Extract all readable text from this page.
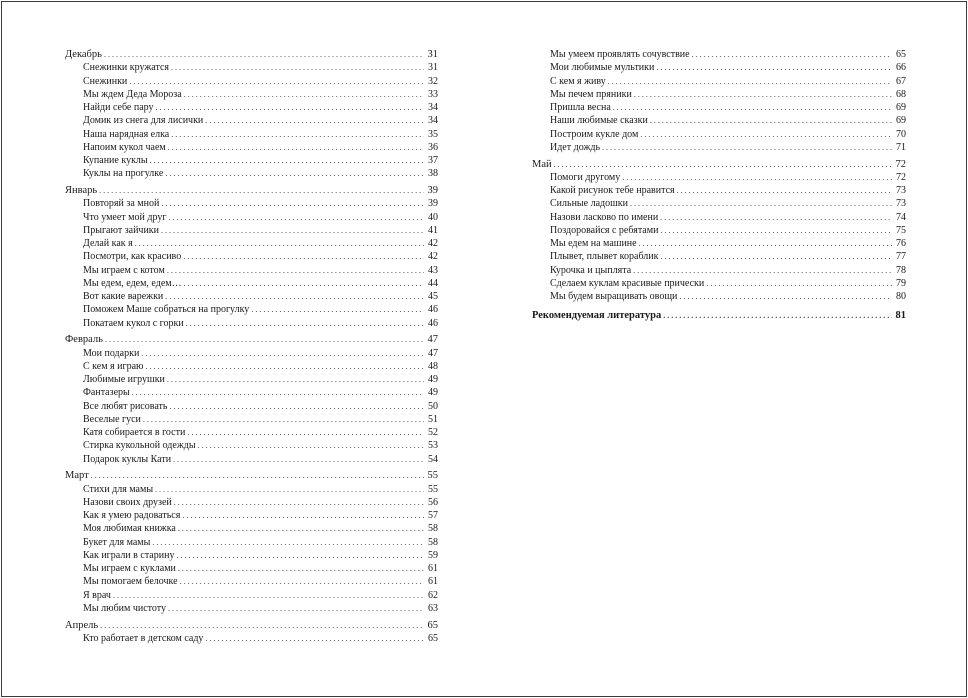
Декабрь . . .	31
Снежинки кружатся . . .	31
Снежинки . . .	32
Мы ждем Деда Мороза . . .	33
Найди себе пару . . .	34
Домик из снега для лисички . . .	34
Наша нарядная елка . . .	35
Напоим кукол чаем . . .	36
Купание куклы . . .	37
Куклы на прогулке . . .	38
Январь . . .	39
Повторяй за мной . . .	39
Что умеет мой друг . . .	40
Прыгают зайчики . . .	41
Делай как я . . .	42
Посмотри, как красиво . . .	42
Мы играем с котом . . .	43
Мы едем, едем, едем… . . .	44
Вот какие варежки . . .	45
Поможем Маше собраться на прогулку . . .	46
Покатаем кукол с горки . . .	46
Февраль . . .	47
Мои подарки . . .	47
С кем я играю . . .	48
Любимые игрушки . . .	49
Фантазеры . . .	49
Все любят рисовать . . .	50
Веселые гуси . . .	51
Катя собирается в гости . . .	52
Стирка кукольной одежды . . .	53
Подарок куклы Кати . . .	54
Март . . .	55
Стихи для мамы . . .	55
Назови своих друзей . . .	56
Как я умею радоваться . . .	57
Моя любимая книжка . . .	58
Букет для мамы . . .	58
Как играли в старину . . .	59
Мы играем с куклами . . .	61
Мы помогаем белочке . . .	61
Я врач . . .	62
Мы любим чистоту . . .	63
Апрель . . .	65
Кто работает в детском саду . . .	65
Мы умеем проявлять сочувствие . . .	65
Мои любимые мультики . . .	66
С кем я живу . . .	67
Мы печем пряники . . .	68
Пришла весна . . .	69
Наши любимые сказки . . .	69
Построим кукле дом . . .	70
Идет дождь . . .	71
Май . . .	72
Помоги другому . . .	72
Какой рисунок тебе нравится . . .	73
Сильные ладошки . . .	73
Назови ласково по имени . . .	74
Поздоровайся с ребятами . . .	75
Мы едем на машине . . .	76
Плывет, плывет кораблик . . .	77
Курочка и цыплята . . .	78
Сделаем куклам красивые прически . . .	79
Мы будем выращивать овощи . . .	80
Рекомендуемая литература . . .	81
